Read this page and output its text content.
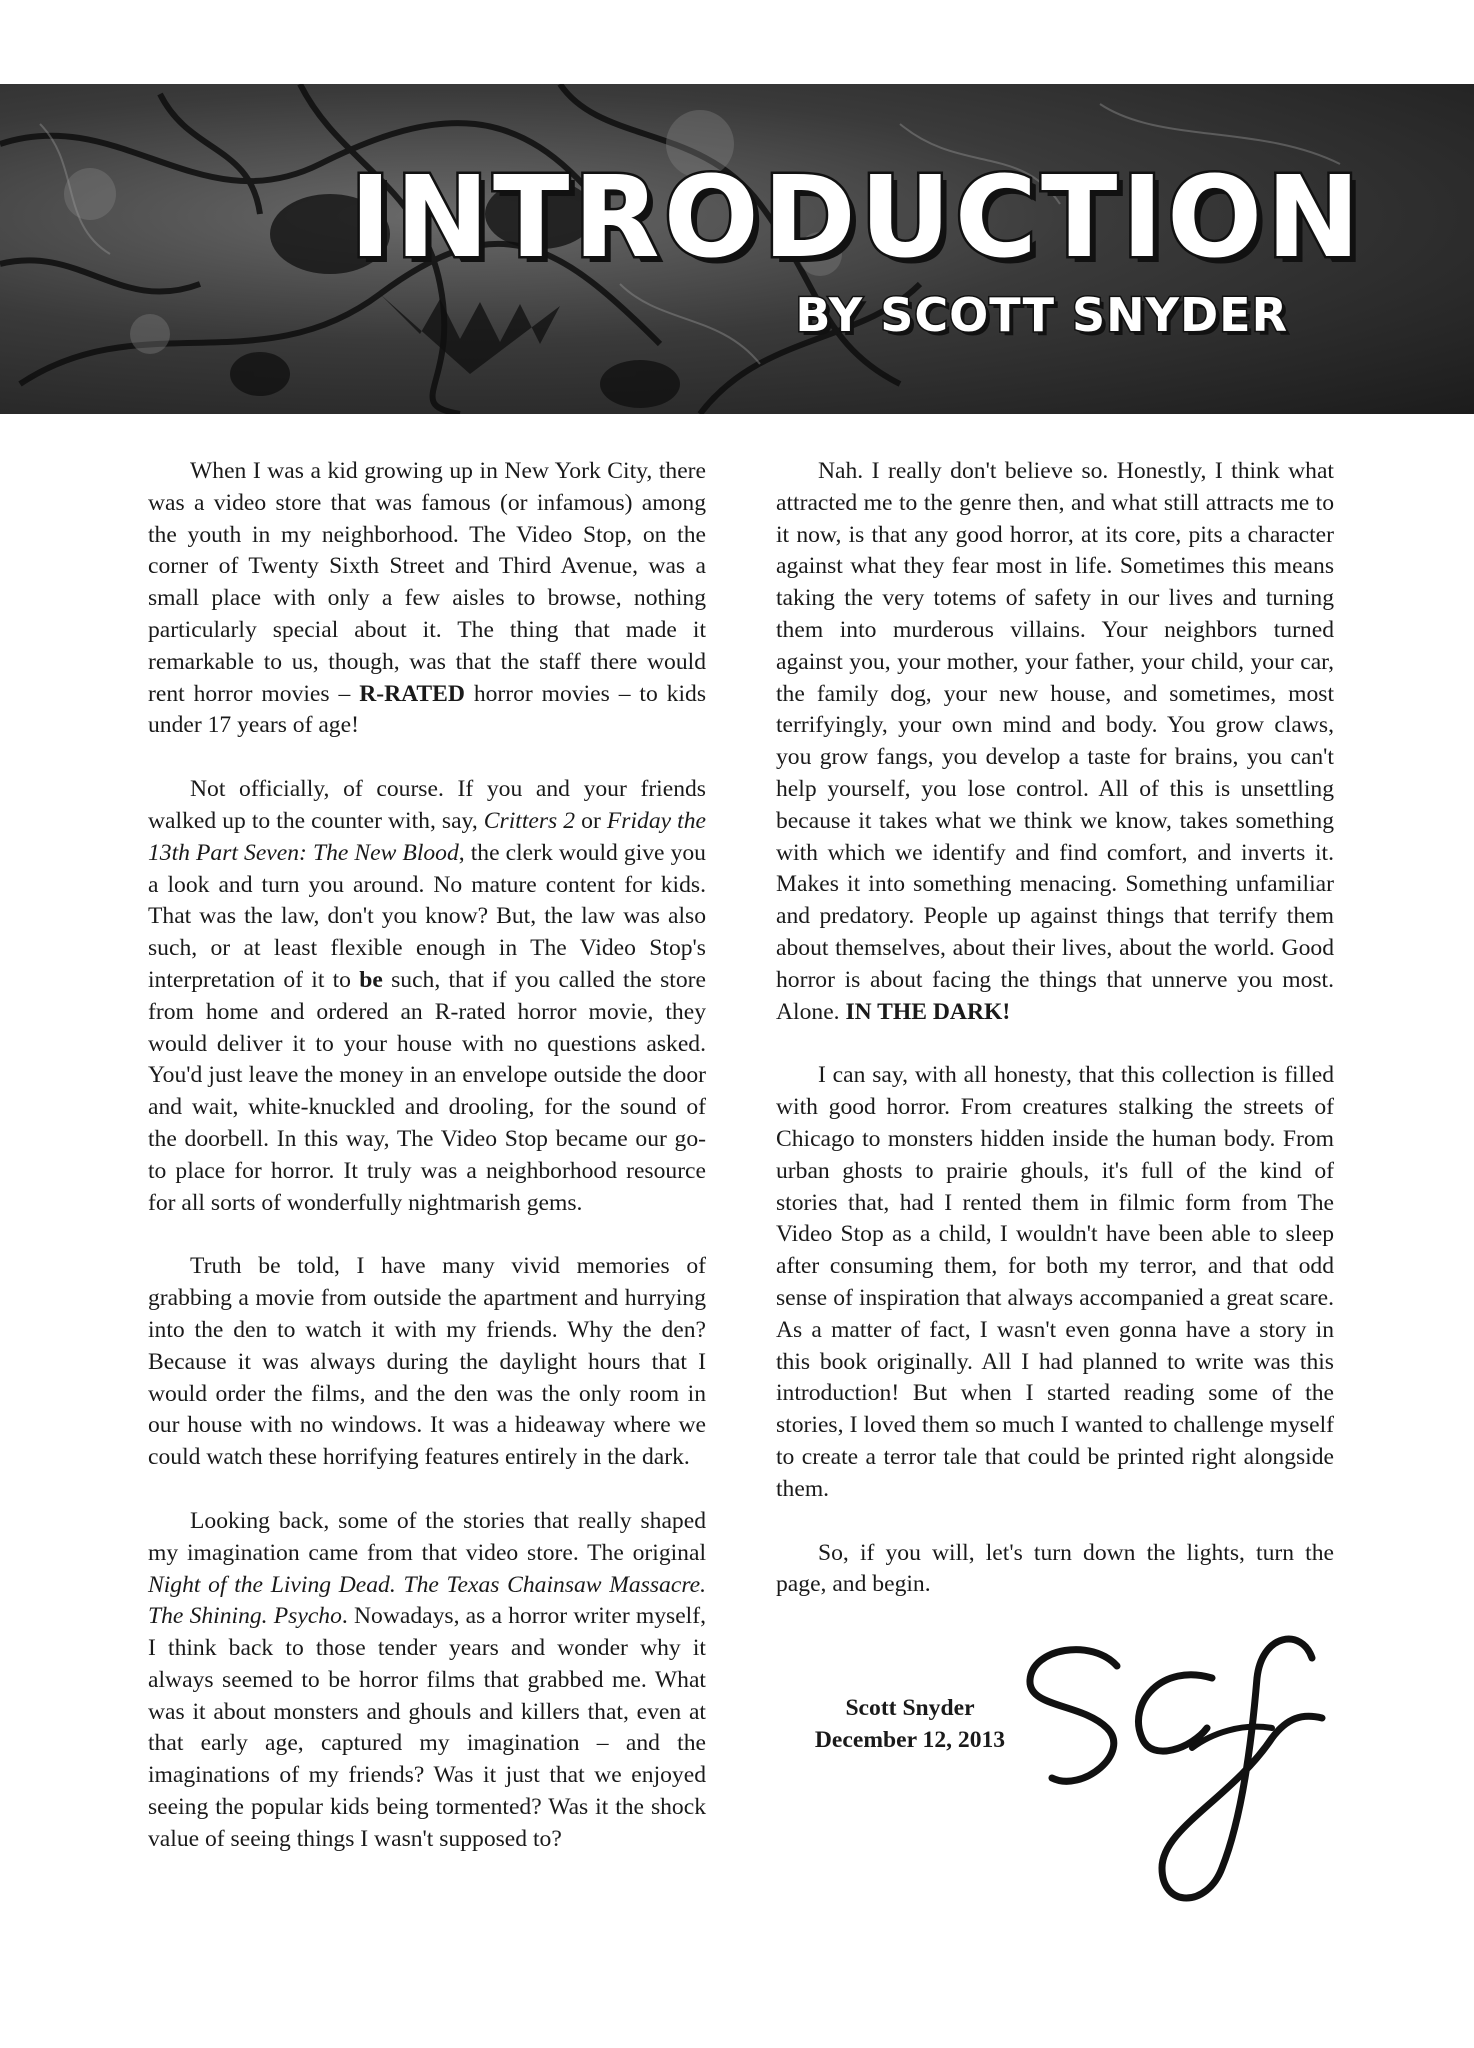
INTRODUCTION
BY SCOTT SNYDER

When I was a kid growing up in New York City, there was a video store that was famous (or infamous) among the youth in my neighborhood. The Video Stop, on the corner of Twenty Sixth Street and Third Avenue, was a small place with only a few aisles to browse, nothing particularly special about it. The thing that made it remarkable to us, though, was that the staff there would rent horror movies – R-RATED horror movies – to kids under 17 years of age!

Not officially, of course. If you and your friends walked up to the counter with, say, Critters 2 or Friday the 13th Part Seven: The New Blood, the clerk would give you a look and turn you around. No mature content for kids. That was the law, don't you know? But, the law was also such, or at least flexible enough in The Video Stop's interpretation of it to be such, that if you called the store from home and ordered an R-rated horror movie, they would deliver it to your house with no questions asked. You'd just leave the money in an envelope outside the door and wait, white-knuckled and drooling, for the sound of the doorbell. In this way, The Video Stop became our go-to place for horror. It truly was a neighborhood resource for all sorts of wonderfully nightmarish gems.

Truth be told, I have many vivid memories of grabbing a movie from outside the apartment and hurrying into the den to watch it with my friends. Why the den? Because it was always during the daylight hours that I would order the films, and the den was the only room in our house with no windows. It was a hideaway where we could watch these horrifying features entirely in the dark.

Looking back, some of the stories that really shaped my imagination came from that video store. The original Night of the Living Dead. The Texas Chainsaw Massacre. The Shining. Psycho. Nowadays, as a horror writer myself, I think back to those tender years and wonder why it always seemed to be horror films that grabbed me. What was it about monsters and ghouls and killers that, even at that early age, captured my imagination – and the imaginations of my friends? Was it just that we enjoyed seeing the popular kids being tormented? Was it the shock value of seeing things I wasn't supposed to?

Nah. I really don't believe so. Honestly, I think what attracted me to the genre then, and what still attracts me to it now, is that any good horror, at its core, pits a character against what they fear most in life. Sometimes this means taking the very totems of safety in our lives and turning them into murderous villains. Your neighbors turned against you, your mother, your father, your child, your car, the family dog, your new house, and sometimes, most terrifyingly, your own mind and body. You grow claws, you grow fangs, you develop a taste for brains, you can't help yourself, you lose control. All of this is unsettling because it takes what we think we know, takes something with which we identify and find comfort, and inverts it. Makes it into something menacing. Something unfamiliar and predatory. People up against things that terrify them about themselves, about their lives, about the world. Good horror is about facing the things that unnerve you most. Alone. IN THE DARK!

I can say, with all honesty, that this collection is filled with good horror. From creatures stalking the streets of Chicago to monsters hidden inside the human body. From urban ghosts to prairie ghouls, it's full of the kind of stories that, had I rented them in filmic form from The Video Stop as a child, I wouldn't have been able to sleep after consuming them, for both my terror, and that odd sense of inspiration that always accompanied a great scare. As a matter of fact, I wasn't even gonna have a story in this book originally. All I had planned to write was this introduction! But when I started reading some of the stories, I loved them so much I wanted to challenge myself to create a terror tale that could be printed right alongside them.

So, if you will, let's turn down the lights, turn the page, and begin.

Scott Snyder
December 12, 2013
